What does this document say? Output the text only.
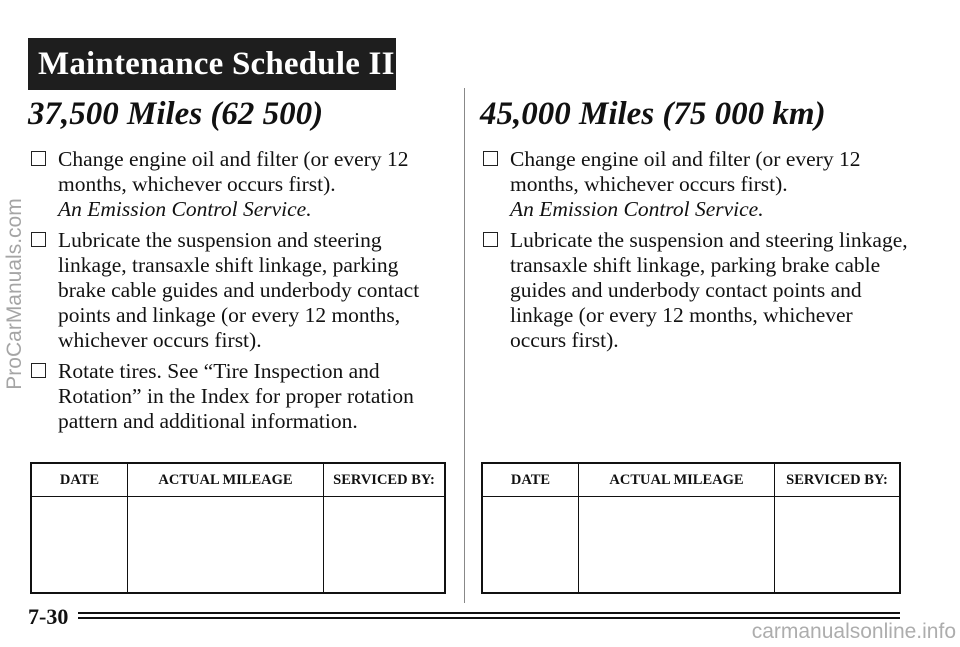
Maintenance Schedule II
37,500 Miles (62 500)
Change engine oil and filter (or every 12 months, whichever occurs first).
An Emission Control Service.
Lubricate the suspension and steering linkage, transaxle shift linkage, parking brake cable guides and underbody contact points and linkage (or every 12 months, whichever occurs first).
Rotate tires. See “Tire Inspection and Rotation” in the Index for proper rotation pattern and additional information.
DATE	ACTUAL MILEAGE	SERVICED BY:

45,000 Miles (75 000 km)
Change engine oil and filter (or every 12 months, whichever occurs first).
An Emission Control Service.
Lubricate the suspension and steering linkage, transaxle shift linkage, parking brake cable guides and underbody contact points and linkage (or every 12 months, whichever occurs first).
DATE	ACTUAL MILEAGE	SERVICED BY:

7-30
ProCarManuals.com
carmanualsonline.info
